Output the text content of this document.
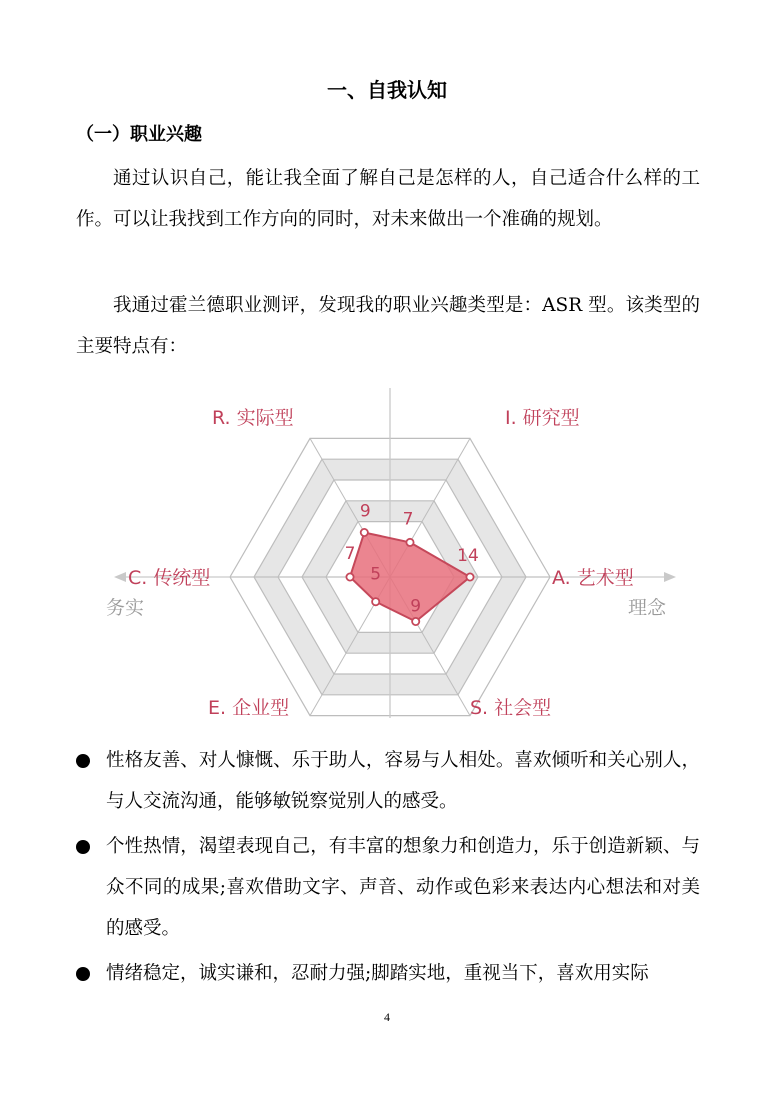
一、自我认知
（一）职业兴趣

通过认识自己，能让我全面了解自己是怎样的人，自己适合什么样的工作。可以让我找到工作方向的同时，对未来做出一个准确的规划。

我通过霍兰德职业测评，发现我的职业兴趣类型是：ASR 型。该类型的主要特点有：

7
14
9
5
7
9
I. 研究型
A. 艺术型
S. 社会型
E. 企业型
C. 传统型
R. 实际型
务实	理念
性格友善、对人慷慨、乐于助人，容易与人相处。喜欢倾听和关心别人，与人交流沟通，能够敏锐察觉别人的感受。
个性热情，渴望表现自己，有丰富的想象力和创造力，乐于创造新颖、与众不同的成果;喜欢借助文字、声音、动作或色彩来表达内心想法和对美的感受。
情绪稳定，诚实谦和，忍耐力强;脚踏实地，重视当下，喜欢用实际
4
